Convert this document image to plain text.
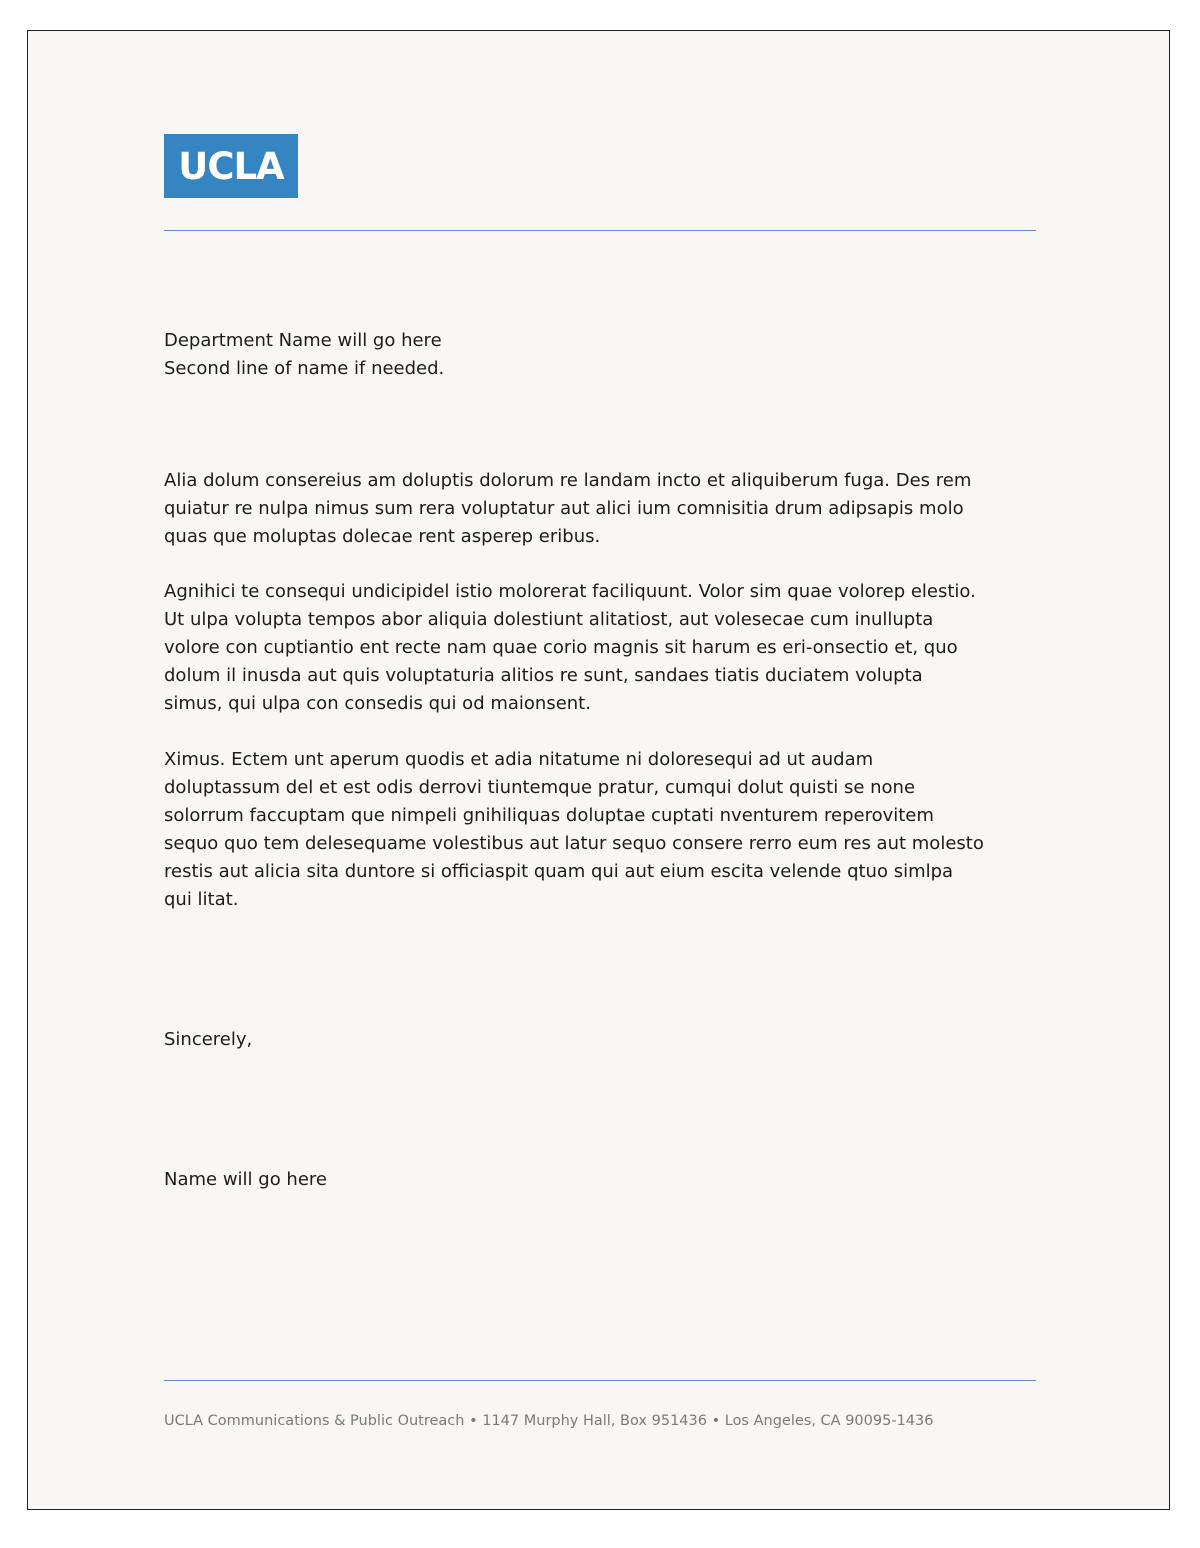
UCLA
Department Name will go here
Second line of name if needed.

Alia dolum consereius am doluptis dolorum re landam incto et aliquiberum fuga. Des rem quiatur re nulpa nimus sum rera voluptatur aut alici ium comnisitia drum adipsapis molo quas que moluptas dolecae rent asperep eribus.

Agnihici te consequi undicipidel istio molorerat faciliquunt. Volor sim quae volorep elestio. Ut ulpa volupta tempos abor aliquia dolestiunt alitatiost, aut volesecae cum inullupta volore con cuptiantio ent recte nam quae corio magnis sit harum es eri-onsectio et, quo dolum il inusda aut quis voluptaturia alitios re sunt, sandaes tiatis duciatem volupta simus, qui ulpa con consedis qui od maionsent.

Ximus. Ectem unt aperum quodis et adia nitatume ni doloresequi ad ut audam doluptassum del et est odis derrovi tiuntemque pratur, cumqui dolut quisti se none solorrum faccuptam que nimpeli gnihiliquas doluptae cuptati nventurem reperovitem sequo quo tem delesequame volestibus aut latur sequo consere rerro eum res aut molesto restis aut alicia sita duntore si officiaspit quam qui aut eium escita velende qtuo simlpa qui litat.

Sincerely,
Name will go here
UCLA Communications & Public Outreach • 1147 Murphy Hall, Box 951436 • Los Angeles, CA 90095-1436
